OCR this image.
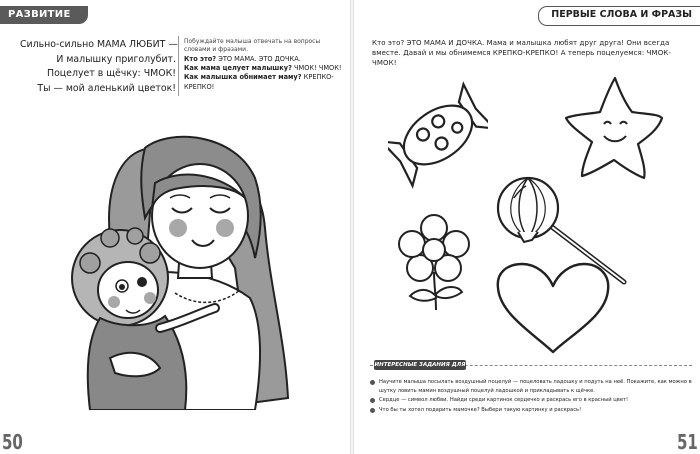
РАЗВИТИЕ РЕЧИ
Сильно-сильно МАМА ЛЮБИТ —
И малышку приголубит.
Поцелует в щёчку: ЧМОК!
Ты — мой аленький цветок!
Побуждайте малыша отвечать на вопросы словами и фразами.
Кто это? ЭТО МАМА. ЭТО ДОЧКА.
Как мама целует малышку? ЧМОК! ЧМОК!
Как малышка обнимает маму? КРЕПКО-КРЕПКО!
50
ПЕРВЫЕ СЛОВА И ФРАЗЫ
Кто это? ЭТО МАМА И ДОЧКА. Мама и малышка любят друг друга! Они всегда вместе. Давай и мы обнимемся КРЕПКО-КРЕПКО! А теперь поцелуемся: ЧМОК-ЧМОК!
ИНТЕРЕСНЫЕ ЗАДАНИЯ ДЛЯ МАЛЫША
Научите малыша посылать воздушный поцелуй — поцеловать ладошку и подуть на неё. Покажите, как можно в шутку ловить мамин воздушный поцелуй ладошкой и прикладывать к щёчке.
Сердце — символ любви. Найди среди картинок сердечко и раскрась его в красный цвет!
Что бы ты хотел подарить мамочке? Выбери такую картинку и раскрась!
51
